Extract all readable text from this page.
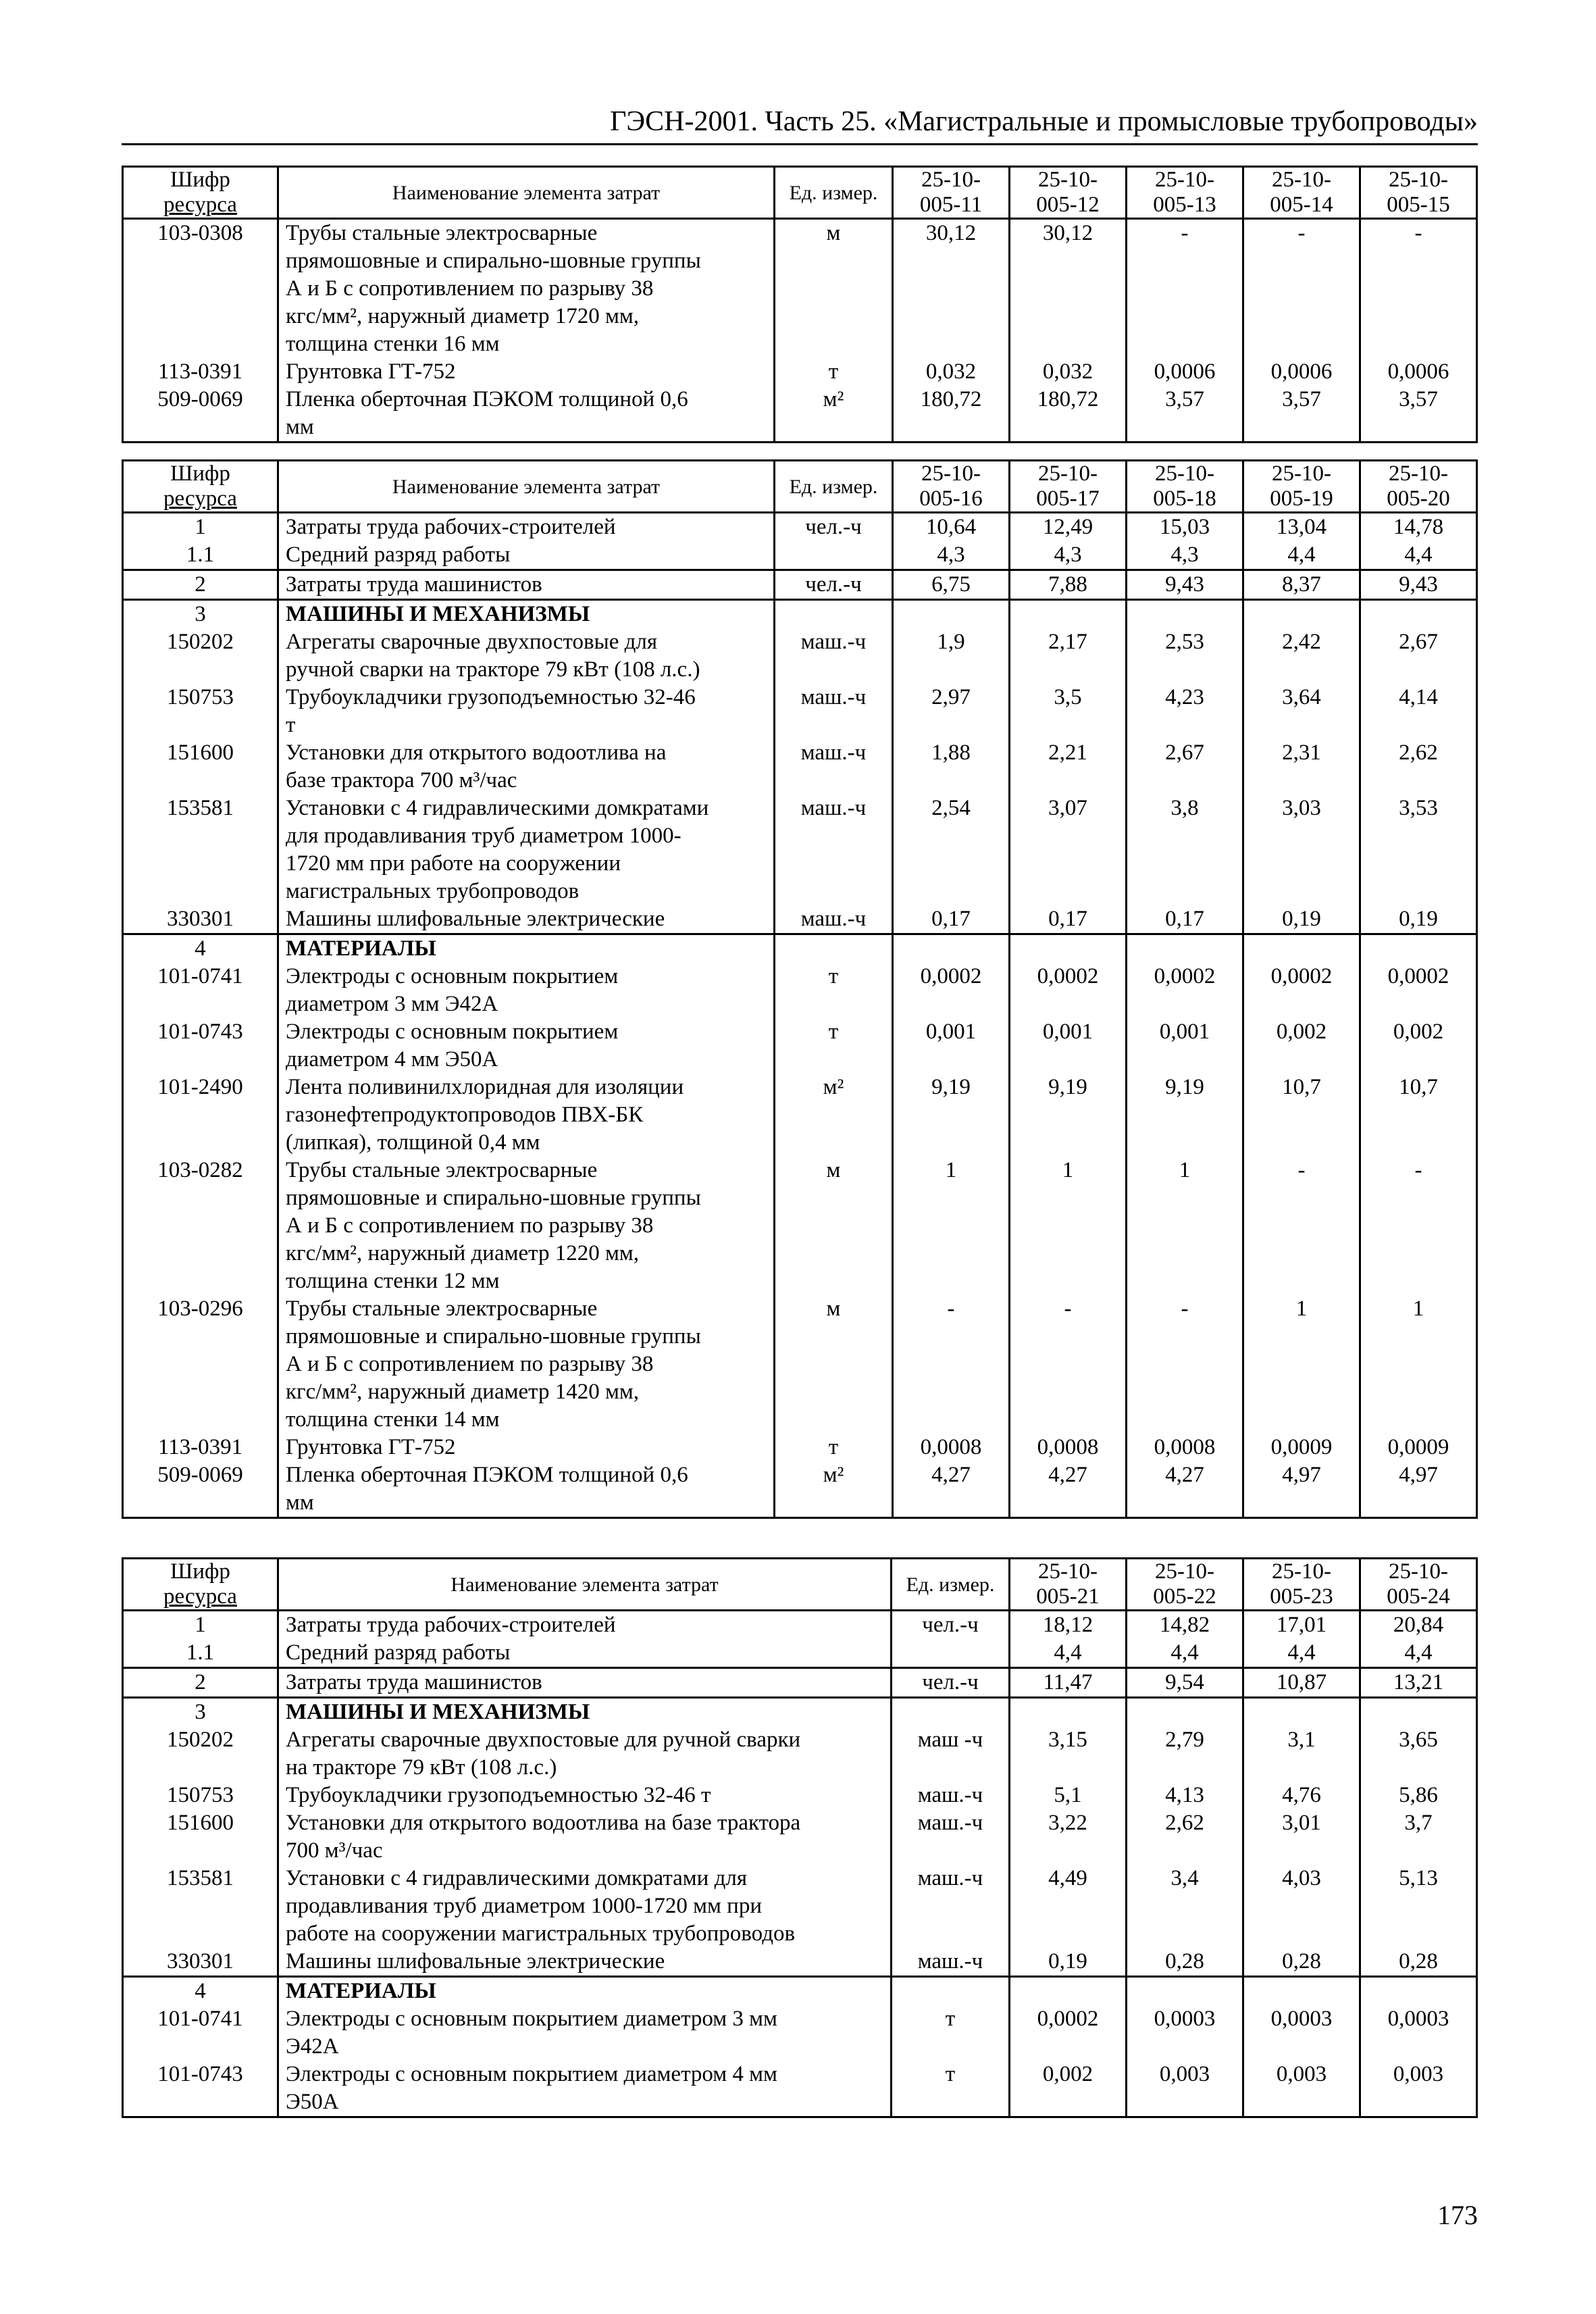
ГЭСН-2001. Часть 25. «Магистральные и промысловые трубопроводы»
Шифр
ресурса	Наименование элемента затрат	Ед. измер.	25-10-
005-11	25-10-
005-12	25-10-
005-13	25-10-
005-14	25-10-
005-15
103-0308	Трубы стальные электросварные
прямошовные и спирально-шовные группы
А и Б с сопротивлением по разрыву 38
кгс/мм², наружный диаметр 1720 мм,
толщина стенки 16 мм	м	30,12	30,12	-	-	-
113-0391	Грунтовка ГТ-752	т	0,032	0,032	0,0006	0,0006	0,0006
509-0069	Пленка оберточная ПЭКОМ толщиной 0,6
мм	м²	180,72	180,72	3,57	3,57	3,57
Шифр
ресурса	Наименование элемента затрат	Ед. измер.	25-10-
005-16	25-10-
005-17	25-10-
005-18	25-10-
005-19	25-10-
005-20
1	Затраты труда рабочих-строителей	чел.-ч	10,64	12,49	15,03	13,04	14,78
1.1	Средний разряд работы		4,3	4,3	4,3	4,4	4,4
2	Затраты труда машинистов	чел.-ч	6,75	7,88	9,43	8,37	9,43
3	МАШИНЫ И МЕХАНИЗМЫ						
150202	Агрегаты сварочные двухпостовые для
ручной сварки на тракторе 79 кВт (108 л.с.)	маш.-ч	1,9	2,17	2,53	2,42	2,67
150753	Трубоукладчики грузоподъемностью 32-46
т	маш.-ч	2,97	3,5	4,23	3,64	4,14
151600	Установки для открытого водоотлива на
базе трактора 700 м³/час	маш.-ч	1,88	2,21	2,67	2,31	2,62
153581	Установки с 4 гидравлическими домкратами
для продавливания труб диаметром 1000-
1720 мм при работе на сооружении
магистральных трубопроводов	маш.-ч	2,54	3,07	3,8	3,03	3,53
330301	Машины шлифовальные электрические	маш.-ч	0,17	0,17	0,17	0,19	0,19
4	МАТЕРИАЛЫ						
101-0741	Электроды с основным покрытием
диаметром 3 мм Э42А	т	0,0002	0,0002	0,0002	0,0002	0,0002
101-0743	Электроды с основным покрытием
диаметром 4 мм Э50А	т	0,001	0,001	0,001	0,002	0,002
101-2490	Лента поливинилхлоридная для изоляции
газонефтепродуктопроводов ПВХ-БК
(липкая), толщиной 0,4 мм	м²	9,19	9,19	9,19	10,7	10,7
103-0282	Трубы стальные электросварные
прямошовные и спирально-шовные группы
А и Б с сопротивлением по разрыву 38
кгс/мм², наружный диаметр 1220 мм,
толщина стенки 12 мм	м	1	1	1	-	-
103-0296	Трубы стальные электросварные
прямошовные и спирально-шовные группы
А и Б с сопротивлением по разрыву 38
кгс/мм², наружный диаметр 1420 мм,
толщина стенки 14 мм	м	-	-	-	1	1
113-0391	Грунтовка ГТ-752	т	0,0008	0,0008	0,0008	0,0009	0,0009
509-0069	Пленка оберточная ПЭКОМ толщиной 0,6
мм	м²	4,27	4,27	4,27	4,97	4,97
Шифр
ресурса	Наименование элемента затрат	Ед. измер.	25-10-
005-21	25-10-
005-22	25-10-
005-23	25-10-
005-24
1	Затраты труда рабочих-строителей	чел.-ч	18,12	14,82	17,01	20,84
1.1	Средний разряд работы		4,4	4,4	4,4	4,4
2	Затраты труда машинистов	чел.-ч	11,47	9,54	10,87	13,21
3	МАШИНЫ И МЕХАНИЗМЫ					
150202	Агрегаты сварочные двухпостовые для ручной сварки
на тракторе 79 кВт (108 л.с.)	маш -ч	3,15	2,79	3,1	3,65
150753	Трубоукладчики грузоподъемностью 32-46 т	маш.-ч	5,1	4,13	4,76	5,86
151600	Установки для открытого водоотлива на базе трактора
700 м³/час	маш.-ч	3,22	2,62	3,01	3,7
153581	Установки с 4 гидравлическими домкратами для
продавливания труб диаметром 1000-1720 мм при
работе на сооружении магистральных трубопроводов	маш.-ч	4,49	3,4	4,03	5,13
330301	Машины шлифовальные электрические	маш.-ч	0,19	0,28	0,28	0,28
4	МАТЕРИАЛЫ					
101-0741	Электроды с основным покрытием диаметром 3 мм
Э42А	т	0,0002	0,0003	0,0003	0,0003
101-0743	Электроды с основным покрытием диаметром 4 мм
Э50А	т	0,002	0,003	0,003	0,003
173
